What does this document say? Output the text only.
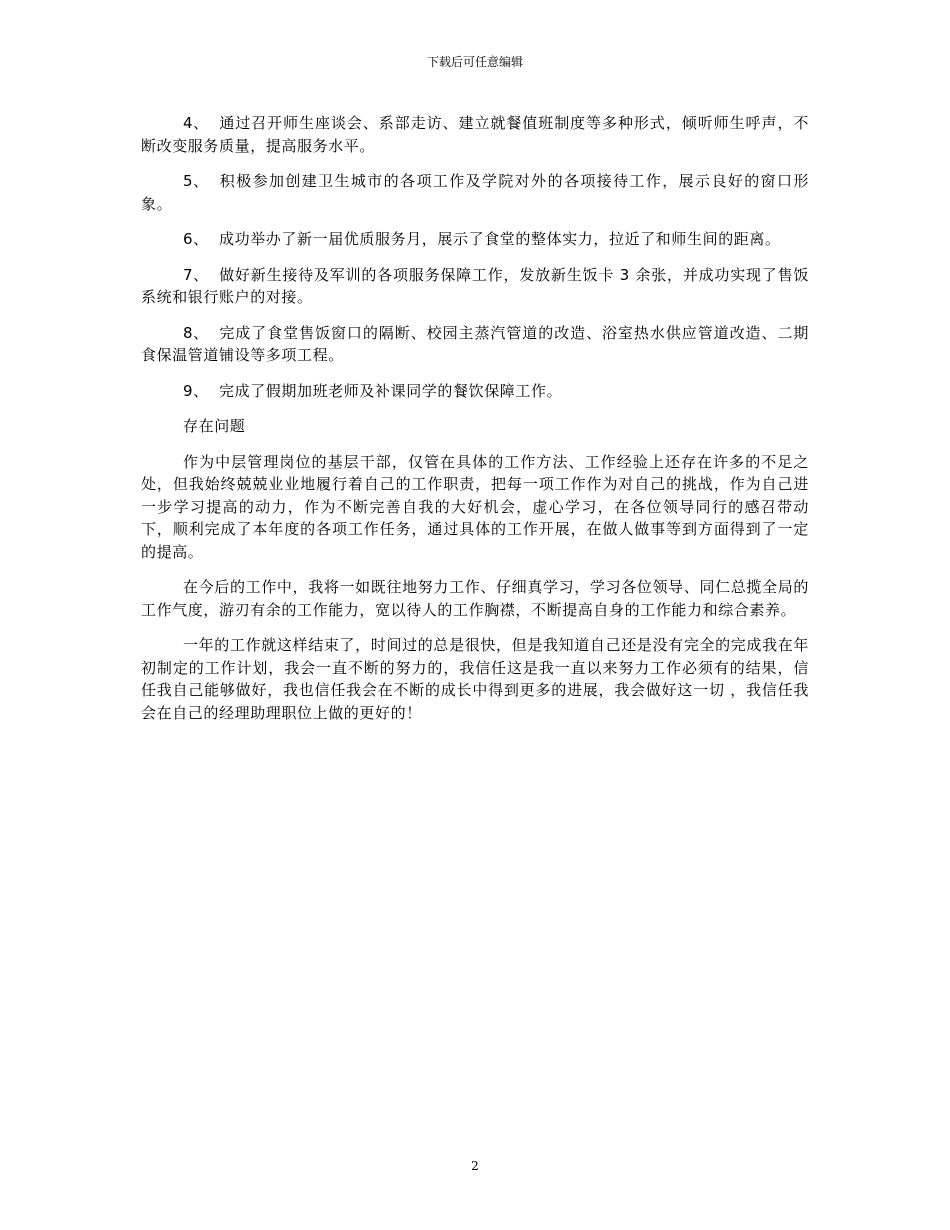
下载后可任意编辑

4、 通过召开师生座谈会、系部走访、建立就餐值班制度等多种形式，倾听师生呼声，不断改变服务质量，提高服务水平。

5、 积极参加创建卫生城市的各项工作及学院对外的各项接待工作，展示良好的窗口形象。

6、 成功举办了新一届优质服务月，展示了食堂的整体实力，拉近了和师生间的距离。

7、 做好新生接待及军训的各项服务保障工作，发放新生饭卡 3 余张，并成功实现了售饭系统和银行账户的对接。

8、 完成了食堂售饭窗口的隔断、校园主蒸汽管道的改造、浴室热水供应管道改造、二期食保温管道铺设等多项工程。

9、 完成了假期加班老师及补课同学的餐饮保障工作。

存在问题

作为中层管理岗位的基层干部，仅管在具体的工作方法、工作经验上还存在许多的不足之处，但我始终兢兢业业地履行着自己的工作职责，把每一项工作作为对自己的挑战，作为自己进一步学习提高的动力，作为不断完善自我的大好机会，虚心学习，在各位领导同行的感召带动下，顺利完成了本年度的各项工作任务，通过具体的工作开展，在做人做事等到方面得到了一定的提高。

在今后的工作中，我将一如既往地努力工作、仔细真学习，学习各位领导、同仁总揽全局的工作气度，游刃有余的工作能力，宽以待人的工作胸襟，不断提高自身的工作能力和综合素养。

一年的工作就这样结束了，时间过的总是很快，但是我知道自己还是没有完全的完成我在年初制定的工作计划，我会一直不断的努力的，我信任这是我一直以来努力工作必须有的结果，信任我自己能够做好，我也信任我会在不断的成长中得到更多的进展，我会做好这一切 ，我信任我会在自己的经理助理职位上做的更好的！

2
